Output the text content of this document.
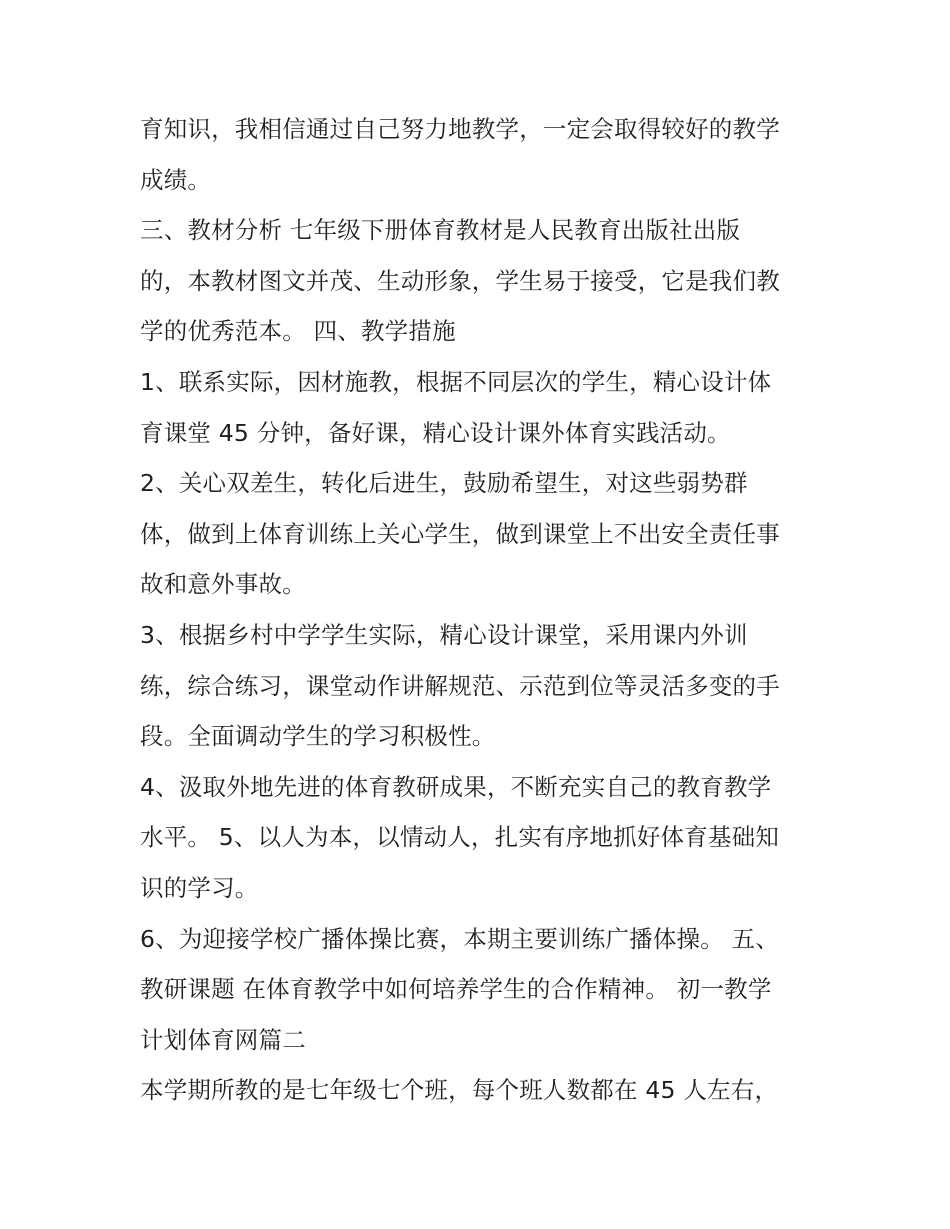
育知识，我相信通过自己努力地教学，一定会取得较好的教学
成绩。
三、教材分析 七年级下册体育教材是人民教育出版社出版
的，本教材图文并茂、生动形象，学生易于接受，它是我们教
学的优秀范本。 四、教学措施
1、联系实际，因材施教，根据不同层次的学生，精心设计体
育课堂 45 分钟，备好课，精心设计课外体育实践活动。
2、关心双差生，转化后进生，鼓励希望生，对这些弱势群
体，做到上体育训练上关心学生，做到课堂上不出安全责任事
故和意外事故。
3、根据乡村中学学生实际，精心设计课堂，采用课内外训
练，综合练习，课堂动作讲解规范、示范到位等灵活多变的手
段。全面调动学生的学习积极性。
4、汲取外地先进的体育教研成果，不断充实自己的教育教学
水平。 5、以人为本，以情动人，扎实有序地抓好体育基础知
识的学习。
6、为迎接学校广播体操比赛，本期主要训练广播体操。 五、
教研课题 在体育教学中如何培养学生的合作精神。 初一教学
计划体育网篇二
本学期所教的是七年级七个班，每个班人数都在 45 人左右，
